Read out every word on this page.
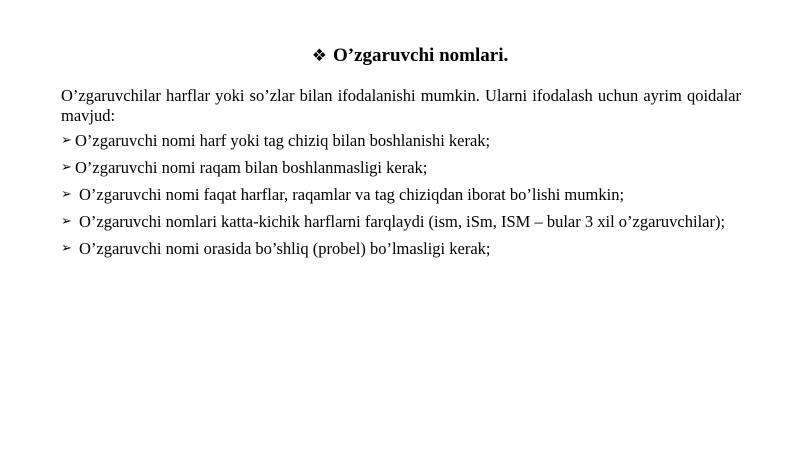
❖ O’zgaruvchi nomlari.
O’zgaruvchilar harflar yoki so’zlar bilan ifodalanishi mumkin. Ularni ifodalash uchun ayrim qoidalar mavjud:
➢ O’zgaruvchi nomi harf yoki tag chiziq bilan boshlanishi kerak;
➢ O’zgaruvchi nomi raqam bilan boshlanmasligi kerak;
➢ O’zgaruvchi nomi faqat harflar, raqamlar va tag chiziqdan iborat bo’lishi mumkin;
➢ O’zgaruvchi nomlari katta-kichik harflarni farqlaydi (ism, iSm, ISM – bular 3 xil o’zgaruvchilar);
➢ O’zgaruvchi nomi orasida bo’shliq (probel) bo’lmasligi kerak;
